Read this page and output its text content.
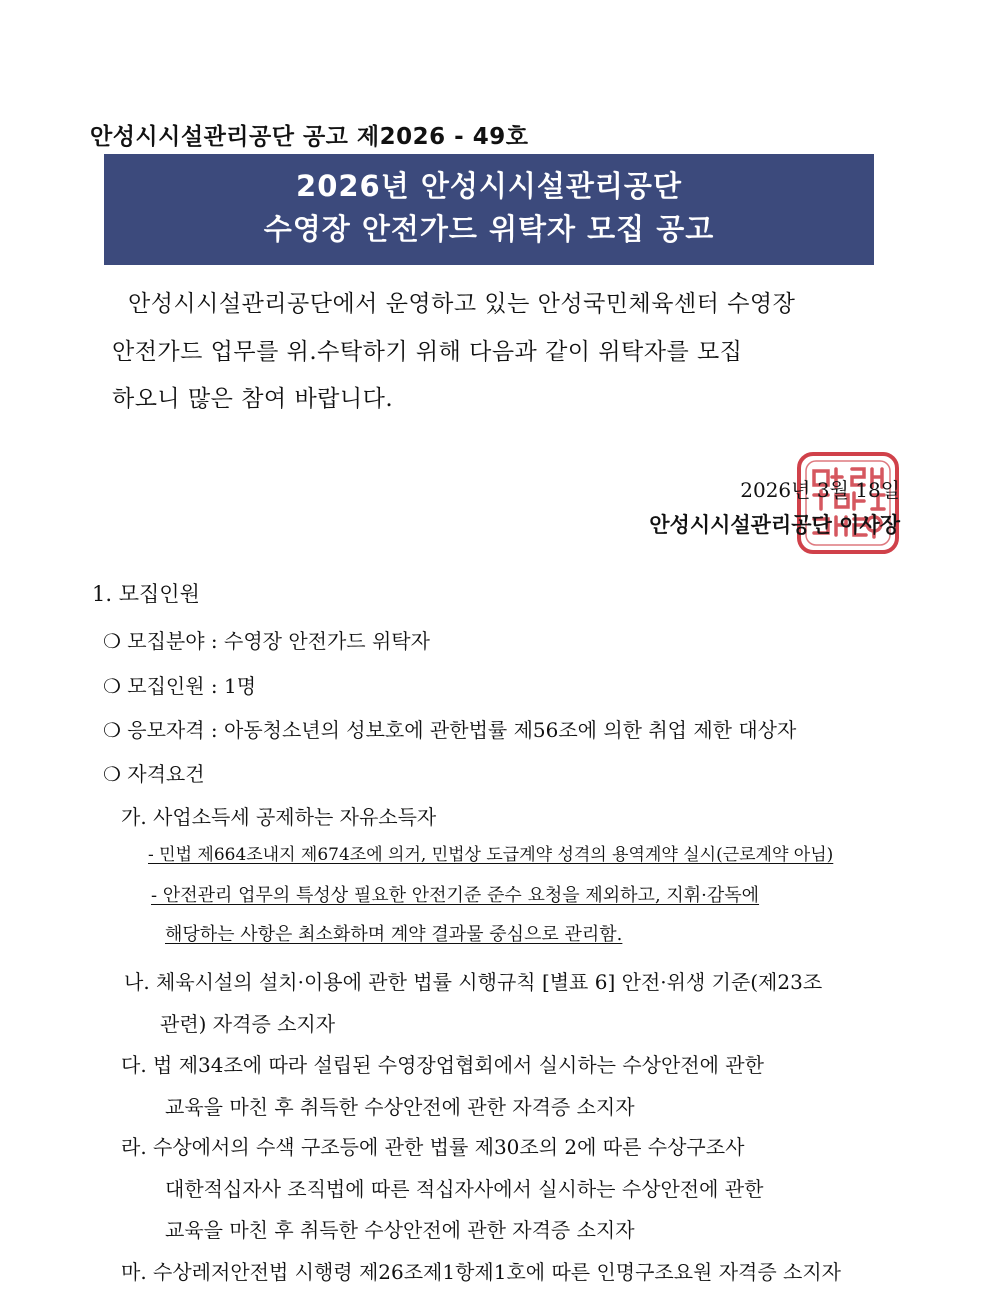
안성시시설관리공단 공고 제2026 - 49호
2026년 안성시시설관리공단
수영장 안전가드 위탁자 모집 공고
안성시시설관리공단에서 운영하고 있는 안성국민체육센터 수영장
안전가드 업무를 위.수탁하기 위해 다음과 같이 위탁자를 모집
하오니 많은 참여 바랍니다.
2026년 3월 18일
안성시시설관리공단 이사장
1. 모집인원
❍ 모집분야 : 수영장 안전가드 위탁자
❍ 모집인원 : 1명
❍ 응모자격 : 아동청소년의 성보호에 관한법률 제56조에 의한 취업 제한 대상자
❍ 자격요건
가. 사업소득세 공제하는 자유소득자
- 민법 제664조내지 제674조에 의거, 민법상 도급계약 성격의 용역계약 실시(근로계약 아님)
- 안전관리 업무의 특성상 필요한 안전기준 준수 요청을 제외하고, 지휘·감독에
해당하는 사항은 최소화하며 계약 결과물 중심으로 관리함.
나. 체육시설의 설치·이용에 관한 법률 시행규칙 [별표 6] 안전·위생 기준(제23조
관련) 자격증 소지자
다. 법 제34조에 따라 설립된 수영장업협회에서 실시하는 수상안전에 관한
교육을 마친 후 취득한 수상안전에 관한 자격증 소지자
라. 수상에서의 수색 구조등에 관한 법률 제30조의 2에 따른 수상구조사
대한적십자사 조직법에 따른 적십자사에서 실시하는 수상안전에 관한
교육을 마친 후 취득한 수상안전에 관한 자격증 소지자
마. 수상레저안전법 시행령 제26조제1항제1호에 따른 인명구조요원 자격증 소지자
